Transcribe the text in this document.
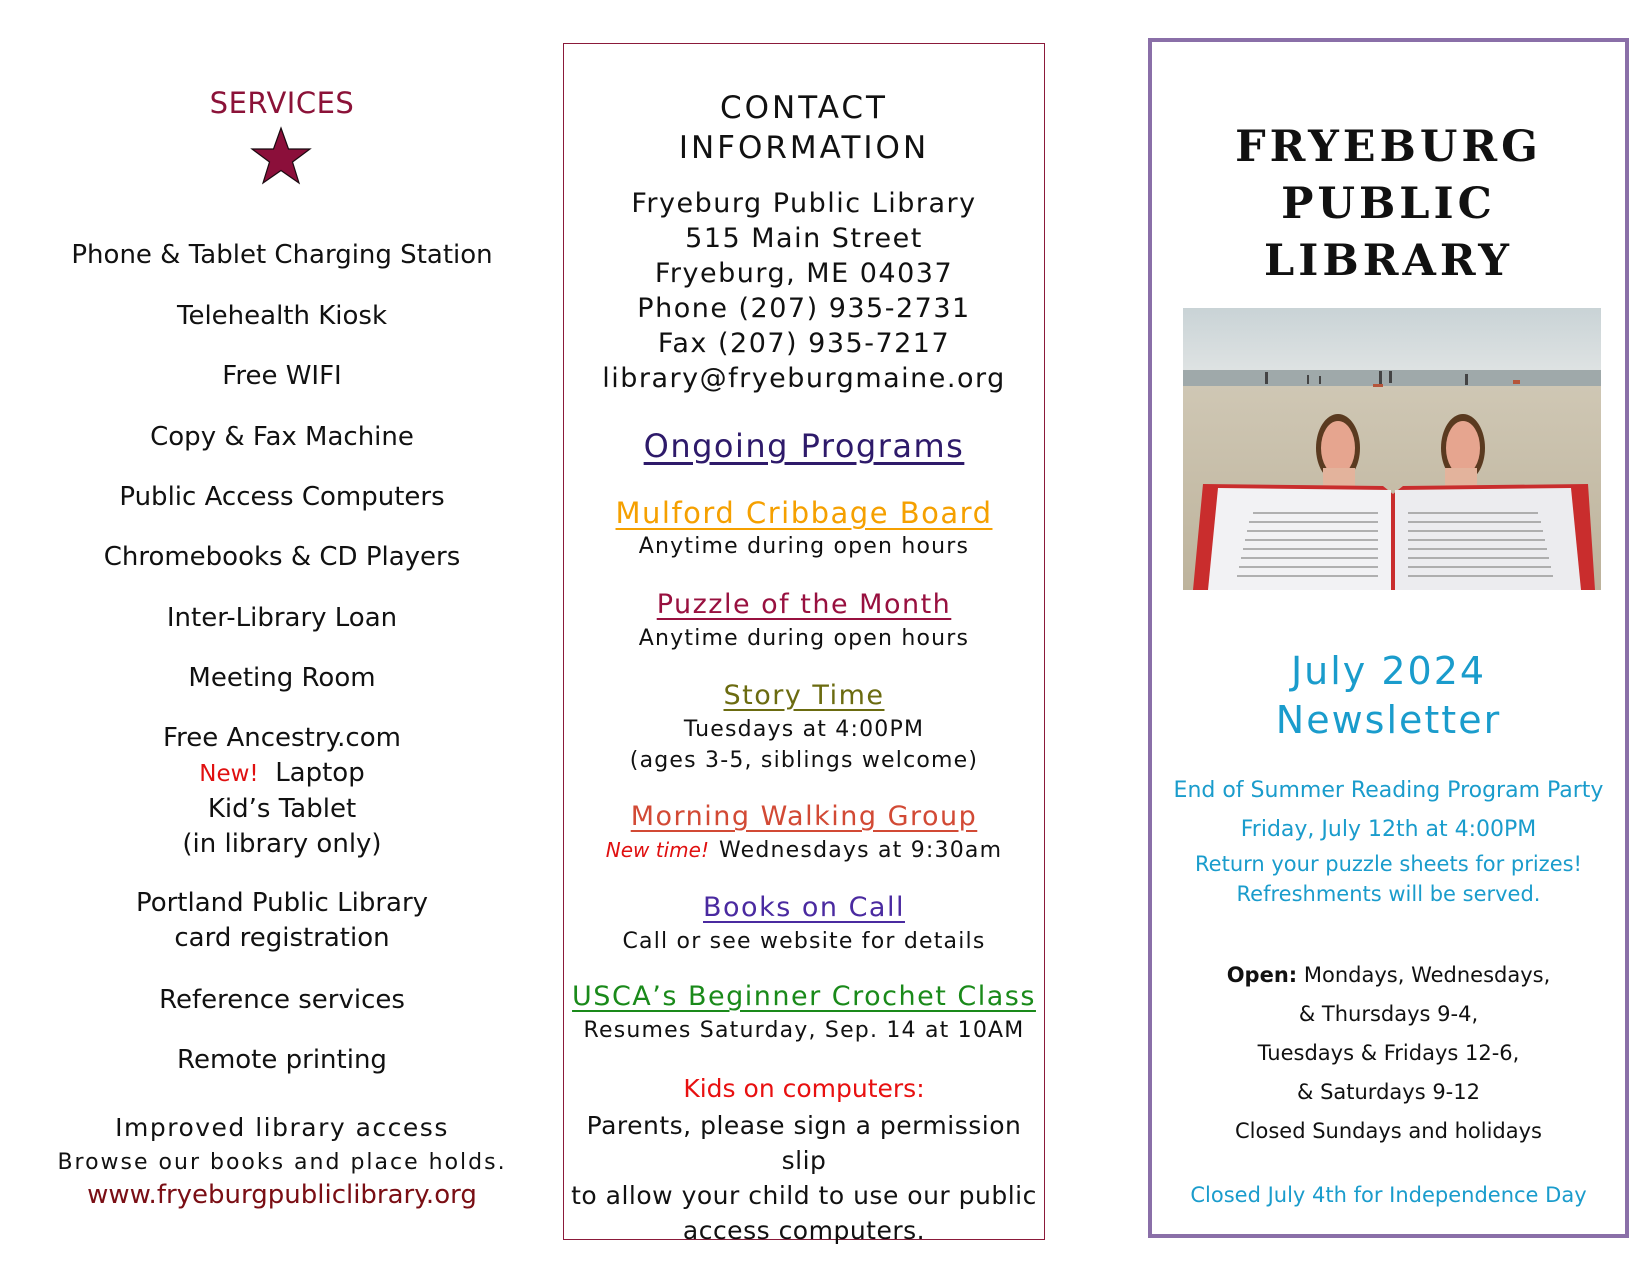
SERVICES
Phone & Tablet Charging Station
Telehealth Kiosk
Free WIFI
Copy & Fax Machine
Public Access Computers
Chromebooks & CD Players
Inter-Library Loan
Meeting Room
Free Ancestry.com
New! Laptop
Kid’s Tablet
(in library only)
Portland Public Library
card registration
Reference services
Remote printing
Improved library access
Browse our books and place holds.
www.fryeburgpubliclibrary.org
CONTACT
INFORMATION
Fryeburg Public Library
515 Main Street
Fryeburg, ME 04037
Phone (207) 935-2731
Fax (207) 935-7217
library@fryeburgmaine.org
Ongoing Programs
Mulford Cribbage Board
Anytime during open hours
Puzzle of the Month
Anytime during open hours
Story Time
Tuesdays at 4:00PM
(ages 3-5, siblings welcome)
Morning Walking Group
New time! Wednesdays at 9:30am
Books on Call
Call or see website for details
USCA’s Beginner Crochet Class
Resumes Saturday, Sep. 14 at 10AM
Kids on computers:
Parents, please sign a permission slip
to allow your child to use our public
access computers.
FRYEBURG
PUBLIC
LIBRARY
July 2024
Newsletter
End of Summer Reading Program Party
Friday, July 12th at 4:00PM
Return your puzzle sheets for prizes!
Refreshments will be served.
Open: Mondays, Wednesdays,
& Thursdays 9-4,
Tuesdays & Fridays 12-6,
& Saturdays 9-12
Closed Sundays and holidays
Closed July 4th for Independence Day
